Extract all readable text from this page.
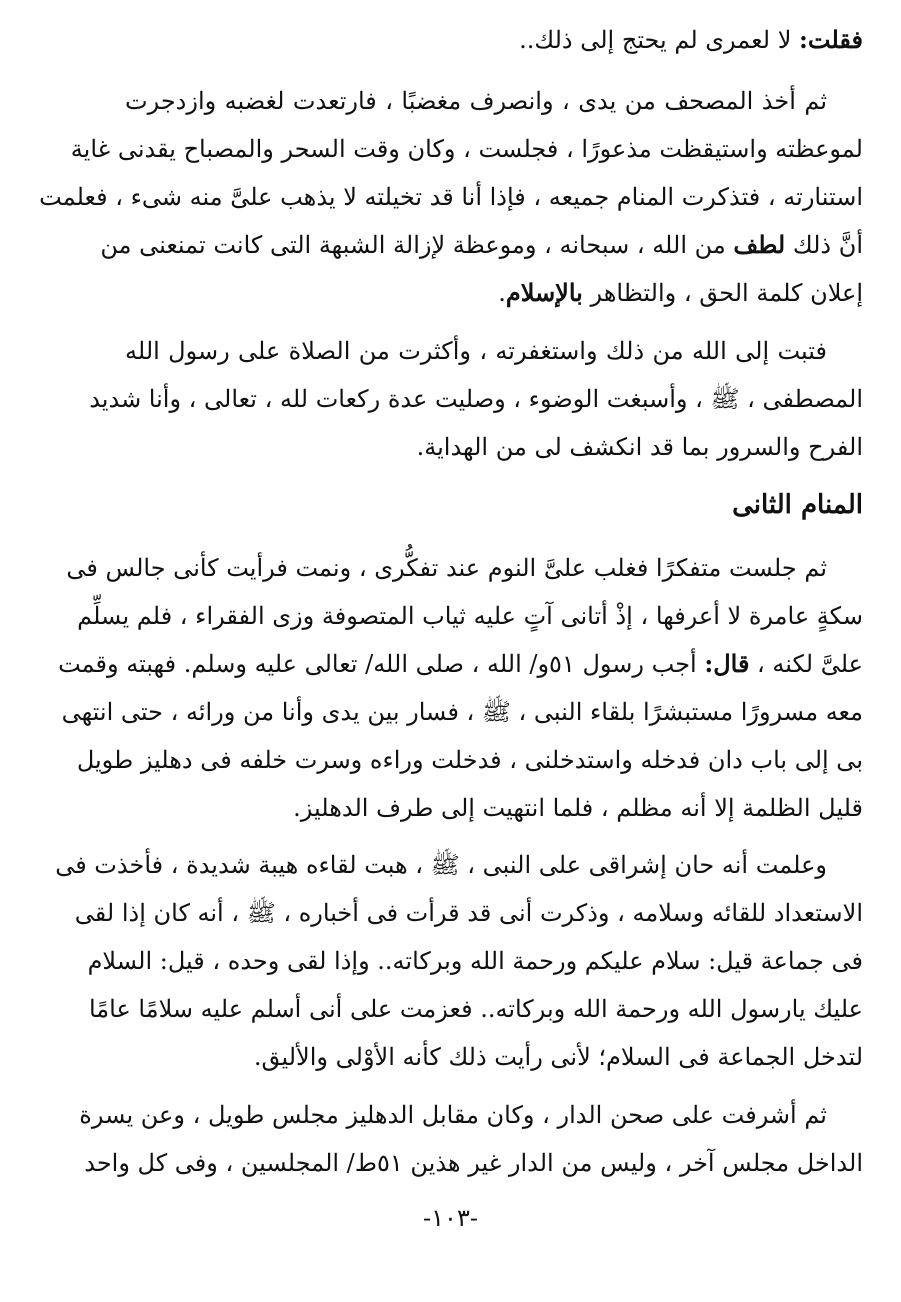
فقلت: لا لعمرى لم يحتج إلى ذلك..
ثم أخذ المصحف من يدى ، وانصرف مغضبًا ، فارتعدت لغضبه وازدجرت
لموعظته واستيقظت مذعورًا ، فجلست ، وكان وقت السحر والمصباح يقدنى غاية
استنارته ، فتذكرت المنام جميعه ، فإذا أنا قد تخيلته لا يذهب علىَّ منه شىء ، فعلمت
أنَّ ذلك لطف من الله ، سبحانه ، وموعظة لإزالة الشبهة التى كانت تمنعنى من
إعلان كلمة الحق ، والتظاهر بالإسلام.
فتبت إلى الله من ذلك واستغفرته ، وأكثرت من الصلاة على رسول الله
المصطفى ، ﷺ ، وأسبغت الوضوء ، وصليت عدة ركعات لله ، تعالى ، وأنا شديد
الفرح والسرور بما قد انكشف لى من الهداية.
المنام الثانى
ثم جلست متفكرًا فغلب علىَّ النوم عند تفكُّرى ، ونمت فرأيت كأنى جالس فى
سكةٍ عامرة لا أعرفها ، إذْ أتانى آتٍ عليه ثياب المتصوفة وزى الفقراء ، فلم يسلِّم
علىَّ لكنه ، قال: أجب رسول ٥١و/ الله ، صلى الله/ تعالى عليه وسلم. فهبته وقمت
معه مسرورًا مستبشرًا بلقاء النبى ، ﷺ ، فسار بين يدى وأنا من ورائه ، حتى انتهى
بى إلى باب دان فدخله واستدخلنى ، فدخلت وراءه وسرت خلفه فى دهليز طويل
قليل الظلمة إلا أنه مظلم ، فلما انتهيت إلى طرف الدهليز.
وعلمت أنه حان إشراقى على النبى ، ﷺ ، هبت لقاءه هيبة شديدة ، فأخذت فى
الاستعداد للقائه وسلامه ، وذكرت أنى قد قرأت فى أخباره ، ﷺ ، أنه كان إذا لقى
فى جماعة قيل: سلام عليكم ورحمة الله وبركاته.. وإذا لقى وحده ، قيل: السلام
عليك يارسول الله ورحمة الله وبركاته.. فعزمت على أنى أسلم عليه سلامًا عامًا
لتدخل الجماعة فى السلام؛ لأنى رأيت ذلك كأنه الأوْلى والأليق.
ثم أشرفت على صحن الدار ، وكان مقابل الدهليز مجلس طويل ، وعن يسرة
الداخل مجلس آخر ، وليس من الدار غير هذين ٥١ط/ المجلسين ، وفى كل واحد
-١٠٣-
